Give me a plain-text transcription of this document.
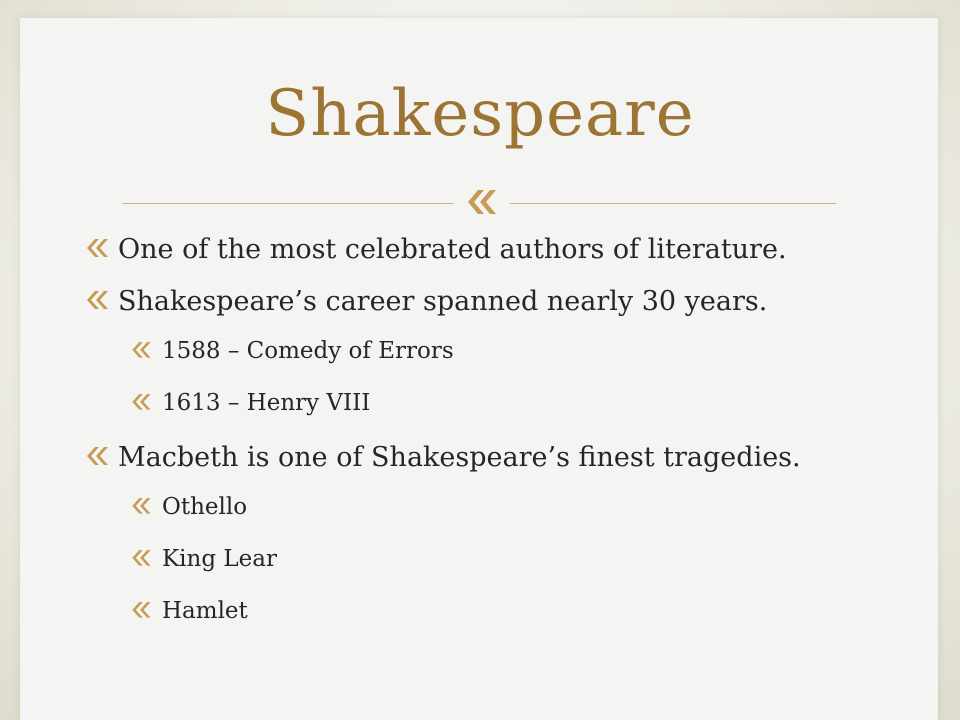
Shakespeare
One of the most celebrated authors of literature.
Shakespeare’s career spanned nearly 30 years.
1588 – Comedy of Errors
1613 – Henry VIII
Macbeth is one of Shakespeare’s finest tragedies.
Othello
King Lear
Hamlet
